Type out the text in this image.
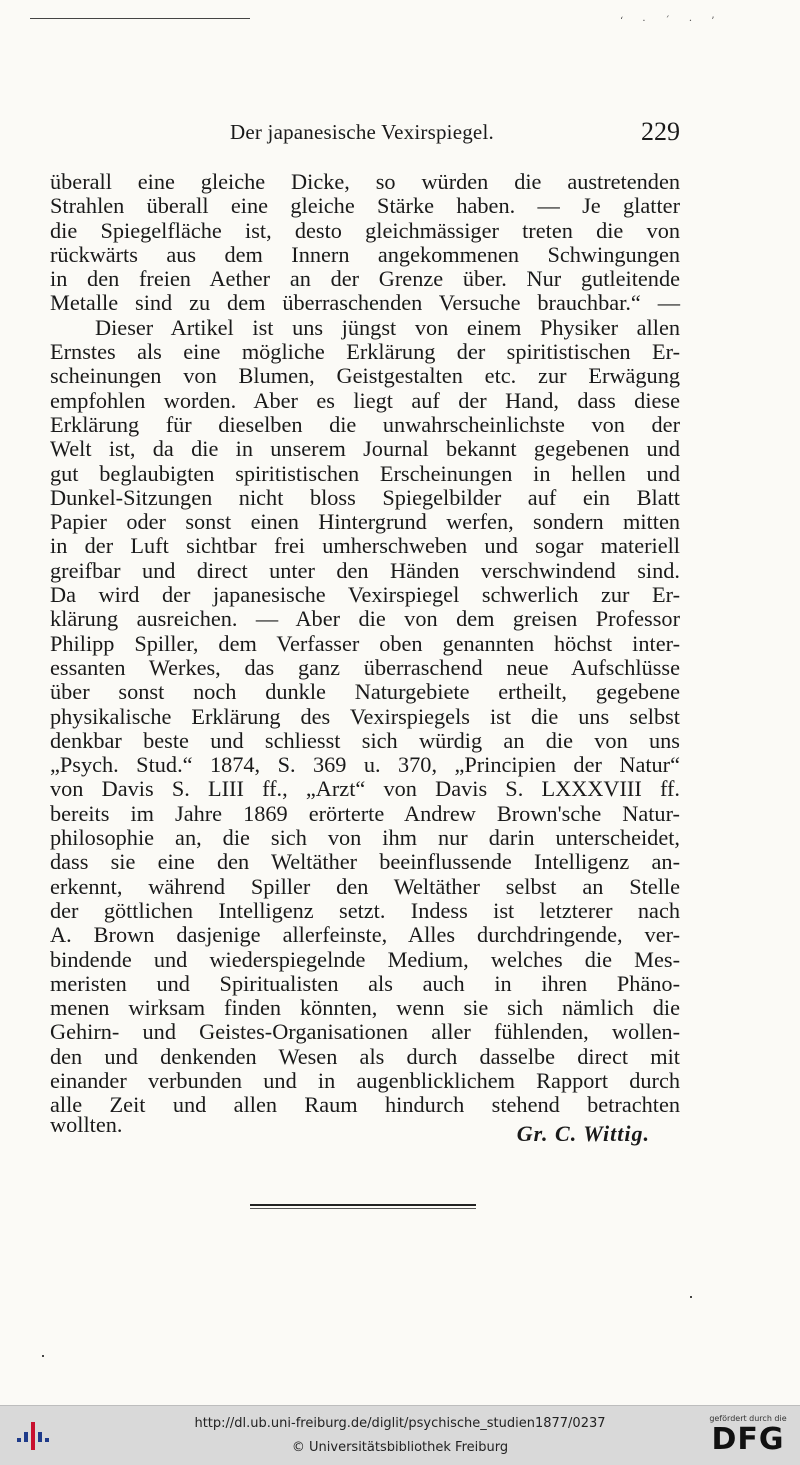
‘ · ´ · ’
Der japanesische Vexirspiegel.	229
überall eine gleiche Dicke, so würden die austretenden
Strahlen überall eine gleiche Stärke haben. — Je glatter
die Spiegelfläche ist, desto gleichmässiger treten die von
rückwärts aus dem Innern angekommenen Schwingungen
in den freien Aether an der Grenze über. Nur gutleitende
Metalle sind zu dem überraschenden Versuche brauchbar.“ —
Dieser Artikel ist uns jüngst von einem Physiker allen
Ernstes als eine mögliche Erklärung der spiritistischen Er-
scheinungen von Blumen, Geistgestalten etc. zur Erwägung
empfohlen worden. Aber es liegt auf der Hand, dass diese
Erklärung für dieselben die unwahrscheinlichste von der
Welt ist, da die in unserem Journal bekannt gegebenen und
gut beglaubigten spiritistischen Erscheinungen in hellen und
Dunkel-Sitzungen nicht bloss Spiegelbilder auf ein Blatt
Papier oder sonst einen Hintergrund werfen, sondern mitten
in der Luft sichtbar frei umherschweben und sogar materiell
greifbar und direct unter den Händen verschwindend sind.
Da wird der japanesische Vexirspiegel schwerlich zur Er-
klärung ausreichen. — Aber die von dem greisen Professor
Philipp Spiller, dem Verfasser oben genannten höchst inter-
essanten Werkes, das ganz überraschend neue Aufschlüsse
über sonst noch dunkle Naturgebiete ertheilt, gegebene
physikalische Erklärung des Vexirspiegels ist die uns selbst
denkbar beste und schliesst sich würdig an die von uns
„Psych. Stud.“ 1874, S. 369 u. 370, „Principien der Natur“
von Davis S. LIII ff., „Arzt“ von Davis S. LXXXVIII ff.
bereits im Jahre 1869 erörterte Andrew Brown'sche Natur-
philosophie an, die sich von ihm nur darin unterscheidet,
dass sie eine den Weltäther beeinflussende Intelligenz an-
erkennt, während Spiller den Weltäther selbst an Stelle
der göttlichen Intelligenz setzt. Indess ist letzterer nach
A. Brown dasjenige allerfeinste, Alles durchdringende, ver-
bindende und wiederspiegelnde Medium, welches die Mes-
meristen und Spiritualisten als auch in ihren Phäno-
menen wirksam finden könnten, wenn sie sich nämlich die
Gehirn- und Geistes-Organisationen aller fühlenden, wollen-
den und denkenden Wesen als durch dasselbe direct mit
einander verbunden und in augenblicklichem Rapport durch
alle Zeit und allen Raum hindurch stehend betrachten
wollten.	Gr. C. Wittig.
http://dl.ub.uni-freiburg.de/diglit/psychische_studien1877/0237
© Universitätsbibliothek Freiburg
gefördert durch die
DFG
